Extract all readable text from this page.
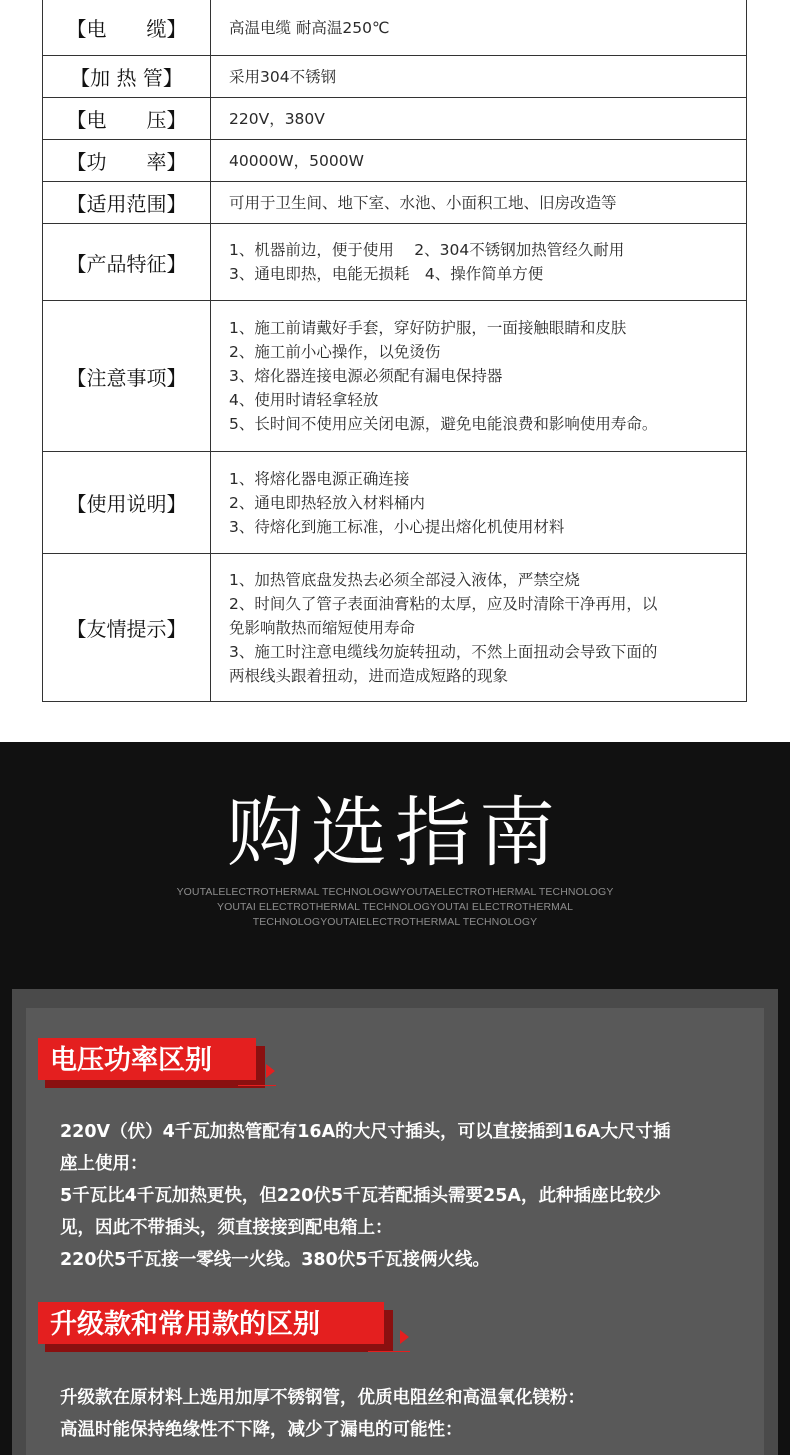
【电　　缆】	高温电缆 耐高温250℃

【加 热 管】	采用304不锈钢

【电　　压】	220V，380V

【功　　率】	40000W，5000W

【适用范围】	可用于卫生间、地下室、水池、小面积工地、旧房改造等

【产品特征】	1、机器前边，便于使用　 2、304不锈钢加热管经久耐用
3、通电即热，电能无损耗　4、操作简单方便

【注意事项】	1、施工前请戴好手套，穿好防护服，一面接触眼睛和皮肤
2、施工前小心操作，以免烫伤
3、熔化器连接电源必须配有漏电保持器
4、使用时请轻拿轻放
5、长时间不使用应关闭电源，避免电能浪费和影响使用寿命。

【使用说明】	1、将熔化器电源正确连接
2、通电即热轻放入材料桶内
3、待熔化到施工标准，小心提出熔化机使用材料

【友情提示】	1、加热管底盘发热去必须全部浸入液体，严禁空烧
2、时间久了管子表面油膏粘的太厚，应及时清除干净再用，以
免影响散热而缩短使用寿命
3、施工时注意电缆线勿旋转扭动，不然上面扭动会导致下面的
两根线头跟着扭动，进而造成短路的现象
购选指南
YOUTALELECTROTHERMAL TECHNOLOGWYOUTAELECTROTHERMAL TECHNOLOGY
YOUTAI ELECTROTHERMAL TECHNOLOGYOUTAI ELECTROTHERMAL
TECHNOLOGYOUTAIELECTROTHERMAL TECHNOLOGY
电压功率区别
220V（伏）4千瓦加热管配有16A的大尺寸插头，可以直接插到16A大尺寸插
座上使用：
5千瓦比4千瓦加热更快，但220伏5千瓦若配插头需要25A，此种插座比较少
见，因此不带插头，须直接接到配电箱上：
220伏5千瓦接一零线一火线。380伏5千瓦接俩火线。
升级款和常用款的区别
升级款在原材料上选用加厚不锈钢管，优质电阻丝和高温氧化镁粉：
高温时能保持绝缘性不下降，减少了漏电的可能性：
